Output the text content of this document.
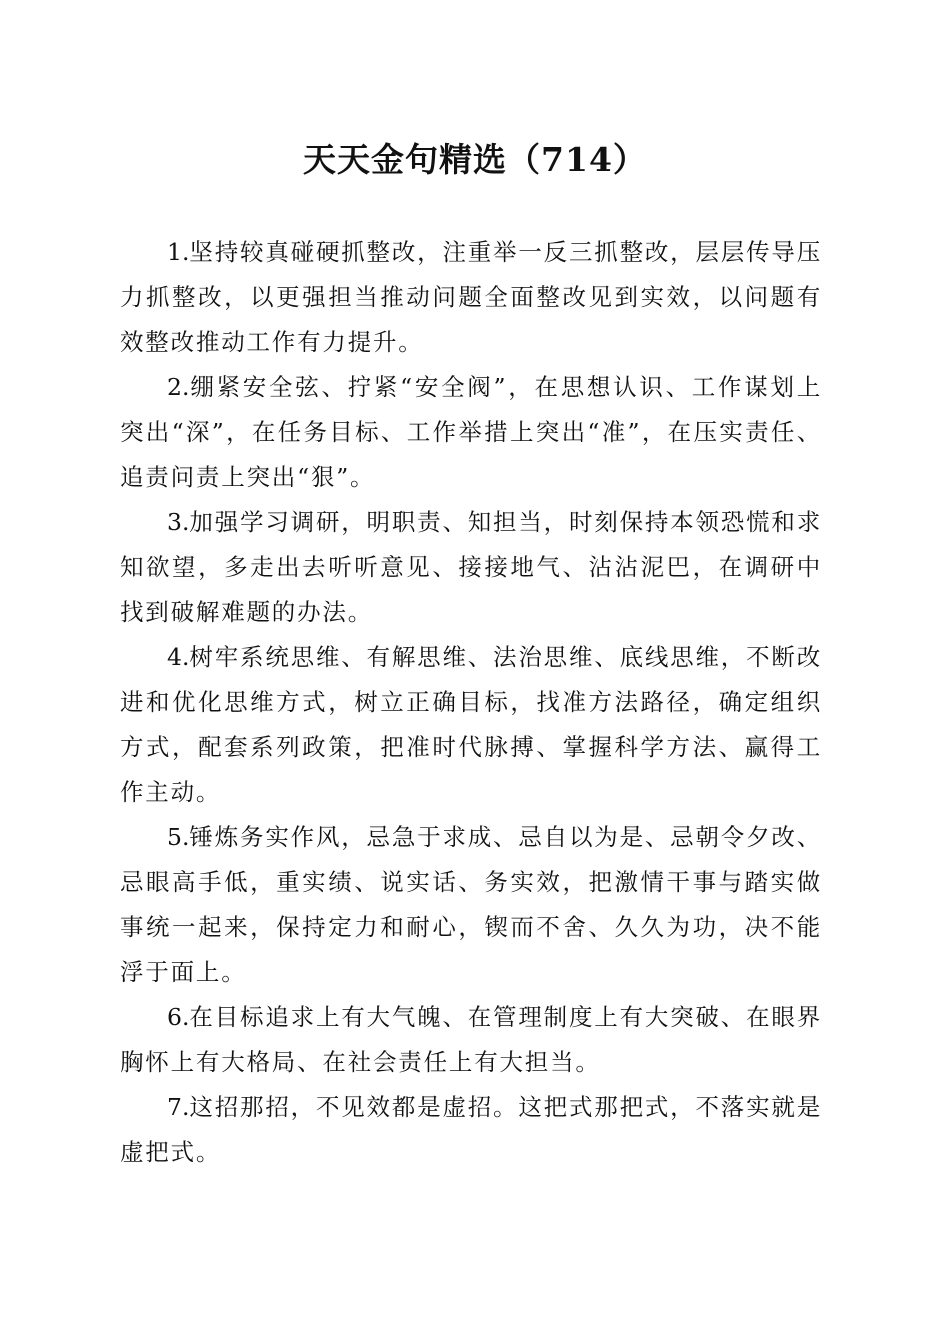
天天金句精选（714）

1.坚持较真碰硬抓整改，注重举一反三抓整改，层层传导压力抓整改，以更强担当推动问题全面整改见到实效，以问题有效整改推动工作有力提升。

2.绷紧安全弦、拧紧“安全阀”，在思想认识、工作谋划上突出“深”，在任务目标、工作举措上突出“准”，在压实责任、追责问责上突出“狠”。

3.加强学习调研，明职责、知担当，时刻保持本领恐慌和求知欲望，多走出去听听意见、接接地气、沾沾泥巴，在调研中找到破解难题的办法。

4.树牢系统思维、有解思维、法治思维、底线思维，不断改进和优化思维方式，树立正确目标，找准方法路径，确定组织方式，配套系列政策，把准时代脉搏、掌握科学方法、赢得工作主动。

5.锤炼务实作风，忌急于求成、忌自以为是、忌朝令夕改、忌眼高手低，重实绩、说实话、务实效，把激情干事与踏实做事统一起来，保持定力和耐心，锲而不舍、久久为功，决不能浮于面上。

6.在目标追求上有大气魄、在管理制度上有大突破、在眼界胸怀上有大格局、在社会责任上有大担当。

7.这招那招，不见效都是虚招。这把式那把式，不落实就是虚把式。
